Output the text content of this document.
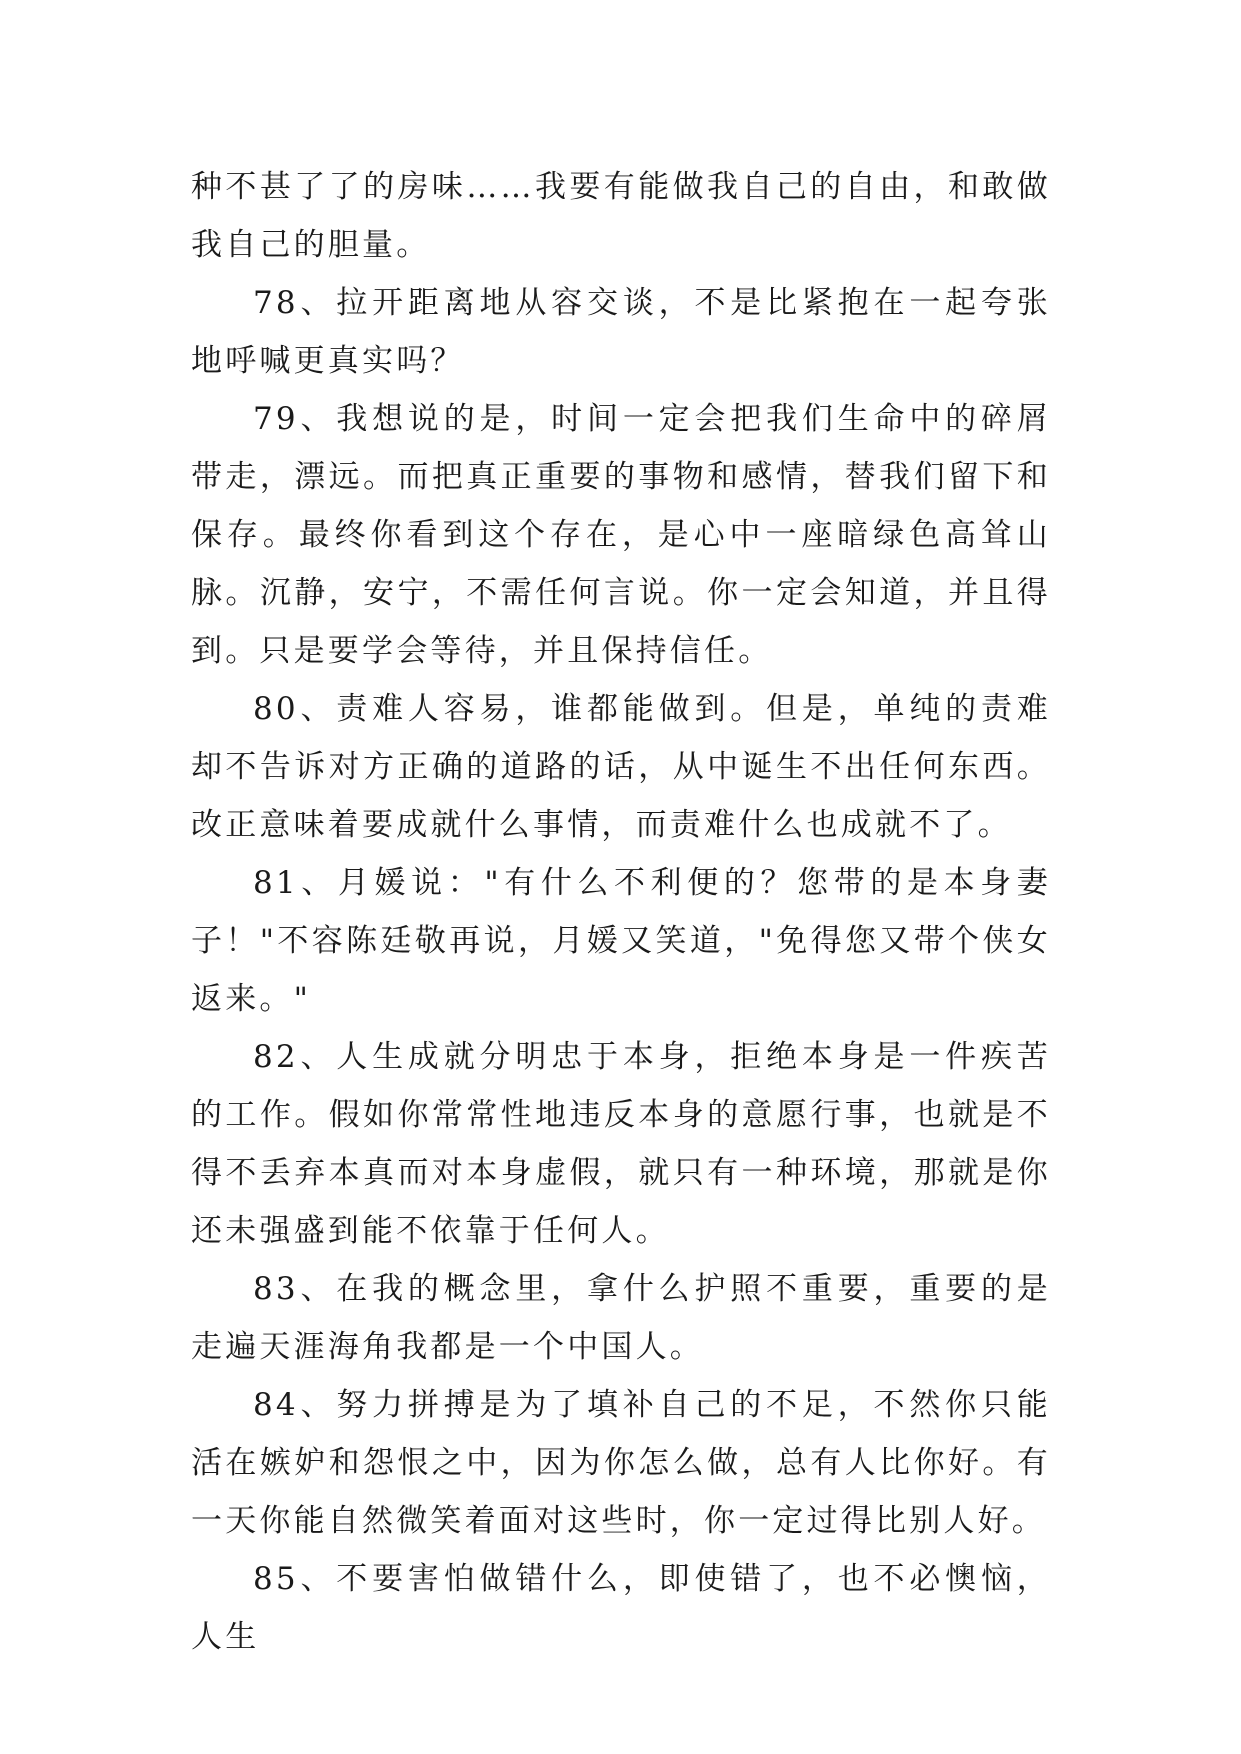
种不甚了了的房味……我要有能做我自己的自由，和敢做我自己的胆量。

78、拉开距离地从容交谈，不是比紧抱在一起夸张地呼喊更真实吗？

79、我想说的是，时间一定会把我们生命中的碎屑带走，漂远。而把真正重要的事物和感情，替我们留下和保存。最终你看到这个存在，是心中一座暗绿色高耸山脉。沉静，安宁，不需任何言说。你一定会知道，并且得到。只是要学会等待，并且保持信任。

80、责难人容易，谁都能做到。但是，单纯的责难却不告诉对方正确的道路的话，从中诞生不出任何东西。改正意味着要成就什么事情，而责难什么也成就不了。

81、月媛说："有什么不利便的？您带的是本身妻子！"不容陈廷敬再说，月媛又笑道，"免得您又带个侠女返来。"

82、人生成就分明忠于本身，拒绝本身是一件疾苦的工作。假如你常常性地违反本身的意愿行事，也就是不得不丢弃本真而对本身虚假，就只有一种环境，那就是你还未强盛到能不依靠于任何人。

83、在我的概念里，拿什么护照不重要，重要的是走遍天涯海角我都是一个中国人。

84、努力拼搏是为了填补自己的不足，不然你只能活在嫉妒和怨恨之中，因为你怎么做，总有人比你好。有一天你能自然微笑着面对这些时，你一定过得比别人好。

85、不要害怕做错什么，即使错了，也不必懊恼，人生
